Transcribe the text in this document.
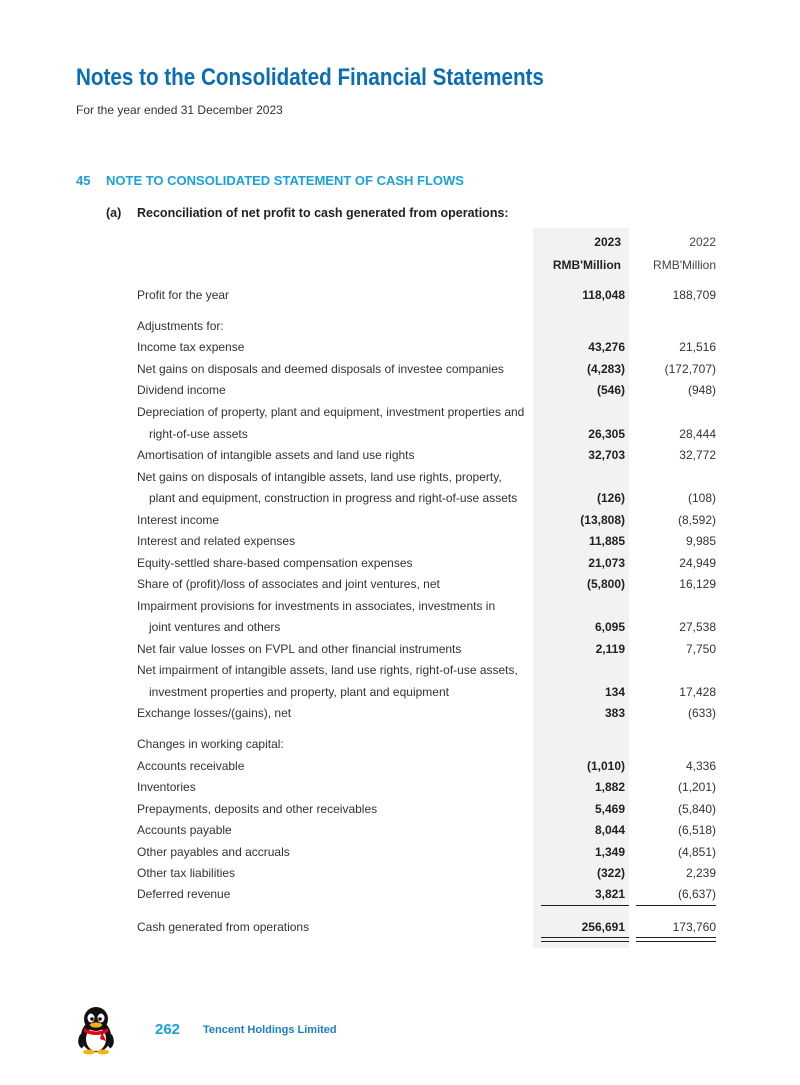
Notes to the Consolidated Financial Statements
For the year ended 31 December 2023
45 NOTE TO CONSOLIDATED STATEMENT OF CASH FLOWS
(a) Reconciliation of net profit to cash generated from operations:
2023	2022
RMB'Million	RMB'Million
Profit for the year	118,048	188,709
Adjustments for:
Income tax expense	43,276	21,516
Net gains on disposals and deemed disposals of investee companies	(4,283)	(172,707)
Dividend income	(546)	(948)
Depreciation of property, plant and equipment, investment properties and
right-of-use assets	26,305	28,444
Amortisation of intangible assets and land use rights	32,703	32,772
Net gains on disposals of intangible assets, land use rights, property,
plant and equipment, construction in progress and right-of-use assets	(126)	(108)
Interest income	(13,808)	(8,592)
Interest and related expenses	11,885	9,985
Equity-settled share-based compensation expenses	21,073	24,949
Share of (profit)/loss of associates and joint ventures, net	(5,800)	16,129
Impairment provisions for investments in associates, investments in
joint ventures and others	6,095	27,538
Net fair value losses on FVPL and other financial instruments	2,119	7,750
Net impairment of intangible assets, land use rights, right-of-use assets,
investment properties and property, plant and equipment	134	17,428
Exchange losses/(gains), net	383	(633)
Changes in working capital:
Accounts receivable	(1,010)	4,336
Inventories	1,882	(1,201)
Prepayments, deposits and other receivables	5,469	(5,840)
Accounts payable	8,044	(6,518)
Other payables and accruals	1,349	(4,851)
Other tax liabilities	(322)	2,239
Deferred revenue	3,821	(6,637)
Cash generated from operations	256,691	173,760
262 Tencent Holdings Limited
